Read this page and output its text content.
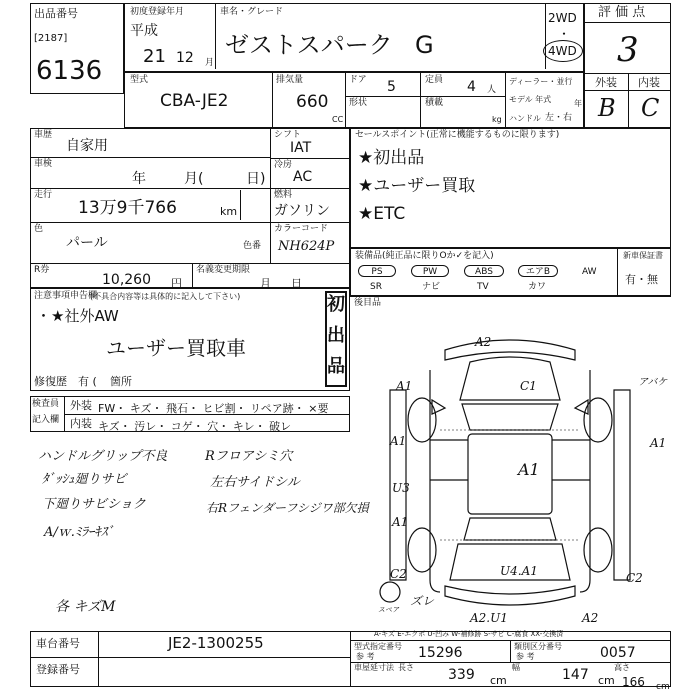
出品番号
[2187]
6136
初度登録年月
平成
21 12 月
車名・グレード
ゼストスパーク G
2WD
・
4WD
評 価 点
3
外装 内装
B C
型式
CBA-JE2
排気量
660
CC
ドア 5	定員 4 人
形状	積載
kg
ディーラー・並行
モデル 年式	年
ハンドル 左・右
車歴
自家用
車検
年	月(	日)
走行
13万9千766	km
色
パール	色番
R券
10,260 円
名義変更期限
月 日
シフト
IAT
冷房
AC
燃料
ガソリン
カラーコード
NH624P
セールスポイント(正常に機能するものに限ります)
★初出品
★ユーザー買取
★ETC
装備品(純正品に限りOか✓を記入)
PS	PW	ABS	エアB	AW
SR	ナビ	TV	カワ
新車保証書
有・無
注意事項申告欄
(不具合内容等は具体的に記入して下さい)
・★社外AW
ユーザー買取車
修復歴 有 ( 箇所
初
出
品
後目品
検査員
記入欄
外装
内装
FW・ キズ・ 飛石・ ヒビ割・ リペア跡・ ×要
キズ・ 汚レ・ コゲ・ 穴・ キレ・ 破レ
ハンドルグリップ不良
ﾀﾞｯｼｭ廻りサビ
下廻りサビショク
A/ｗ.ﾐﾗｰｷｽﾞ
各 キズM
Rフロアシミ穴
左右サイドシル
右Rフェンダーフシジワ部欠損
A2
C1	アバケ
A1
A1	A1
A1
U3
A1
U4.A1
C2	C2
ズレ
A2.U1	A2
スペア
A-キズ E-エクボ U-凹み W-補修跡 S-サビ C-腐食 XX-交換済
車台番号	JE2-1300255
登録番号
型式指定番号
参 考	15296	類別区分番号
参 考	0057
車屋延寸法 長さ 339 cm
幅	147 cm
高さ
166 cm
